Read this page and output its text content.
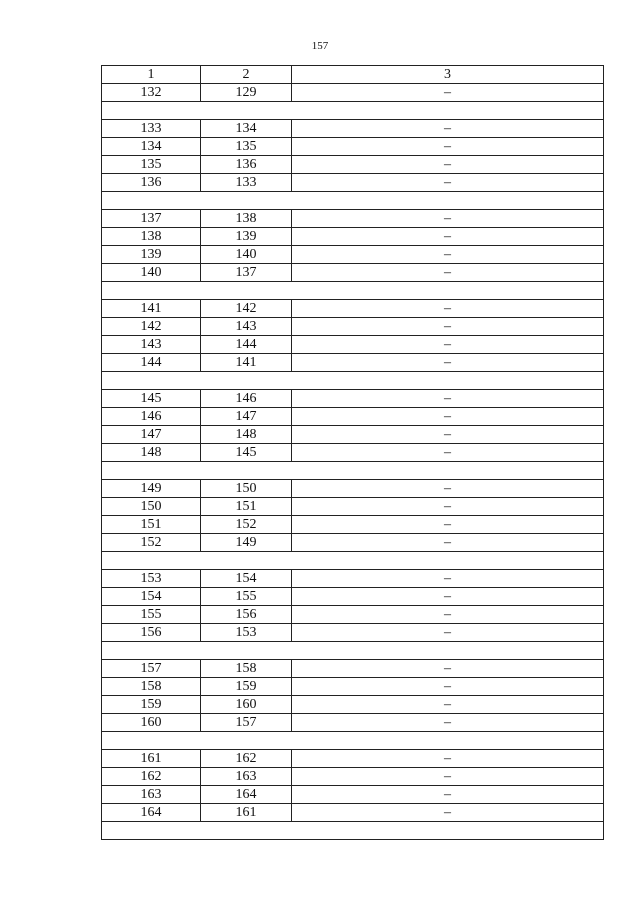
157
1	2	3
132	129	–

133	134	–
134	135	–
135	136	–
136	133	–

137	138	–
138	139	–
139	140	–
140	137	–

141	142	–
142	143	–
143	144	–
144	141	–

145	146	–
146	147	–
147	148	–
148	145	–

149	150	–
150	151	–
151	152	–
152	149	–

153	154	–
154	155	–
155	156	–
156	153	–

157	158	–
158	159	–
159	160	–
160	157	–

161	162	–
162	163	–
163	164	–
164	161	–
